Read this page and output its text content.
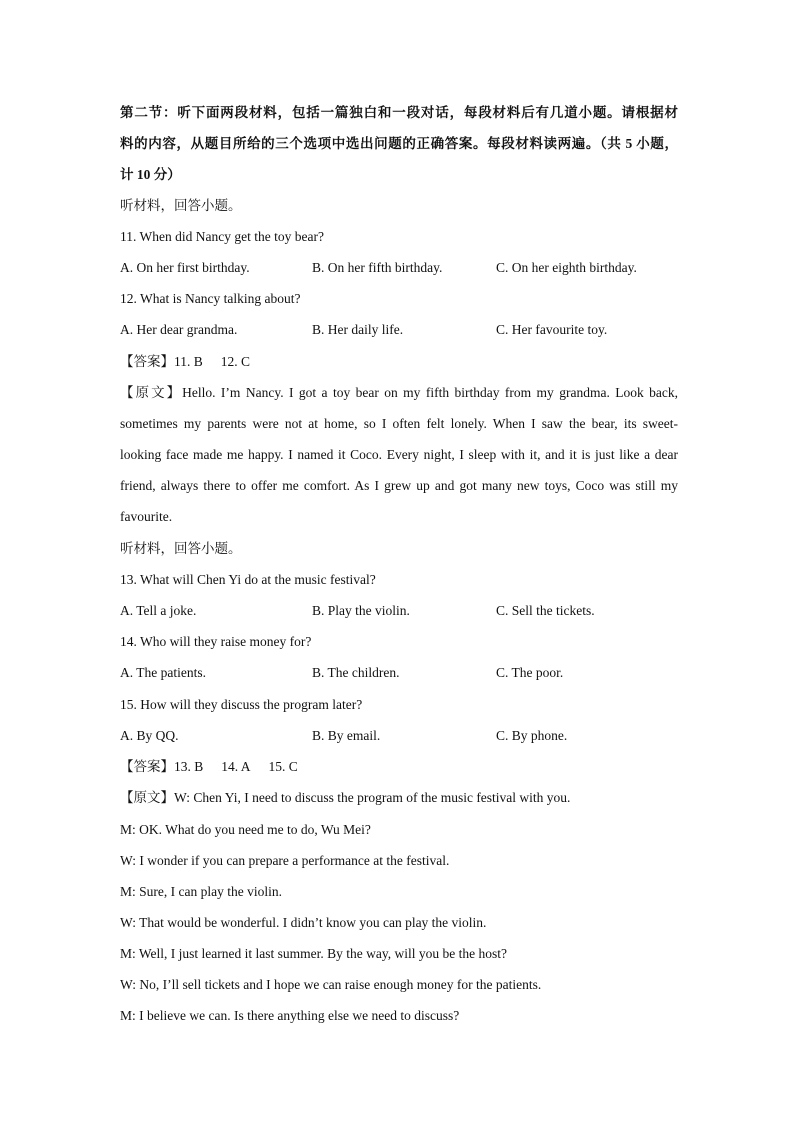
第二节：听下面两段材料，包括一篇独白和一段对话，每段材料后有几道小题。请根据材
料的内容，从题目所给的三个选项中选出问题的正确答案。每段材料读两遍。（共 5 小题，
计 10 分）
听材料，回答小题。
11. When did Nancy get the toy bear?
A. On her first birthday.	B. On her fifth birthday.	C. On her eighth birthday.
12. What is Nancy talking about?
A. Her dear grandma.	B. Her daily life.	C. Her favourite toy.
【答案】11. B 12. C
【原文】Hello. I’m Nancy. I got a toy bear on my fifth birthday from my grandma. Look back,
sometimes my parents were not at home, so I often felt lonely. When I saw the bear, its sweet-
looking face made me happy. I named it Coco. Every night, I sleep with it, and it is just like a dear
friend, always there to offer me comfort. As I grew up and got many new toys, Coco was still my
favourite.
听材料，回答小题。
13. What will Chen Yi do at the music festival?
A. Tell a joke.	B. Play the violin.	C. Sell the tickets.
14. Who will they raise money for?
A. The patients.	B. The children.	C. The poor.
15. How will they discuss the program later?
A. By QQ.	B. By email.	C. By phone.
【答案】13. B 14. A 15. C
【原文】W: Chen Yi, I need to discuss the program of the music festival with you.
M: OK. What do you need me to do, Wu Mei?
W: I wonder if you can prepare a performance at the festival.
M: Sure, I can play the violin.
W: That would be wonderful. I didn’t know you can play the violin.
M: Well, I just learned it last summer. By the way, will you be the host?
W: No, I’ll sell tickets and I hope we can raise enough money for the patients.
M: I believe we can. Is there anything else we need to discuss?
